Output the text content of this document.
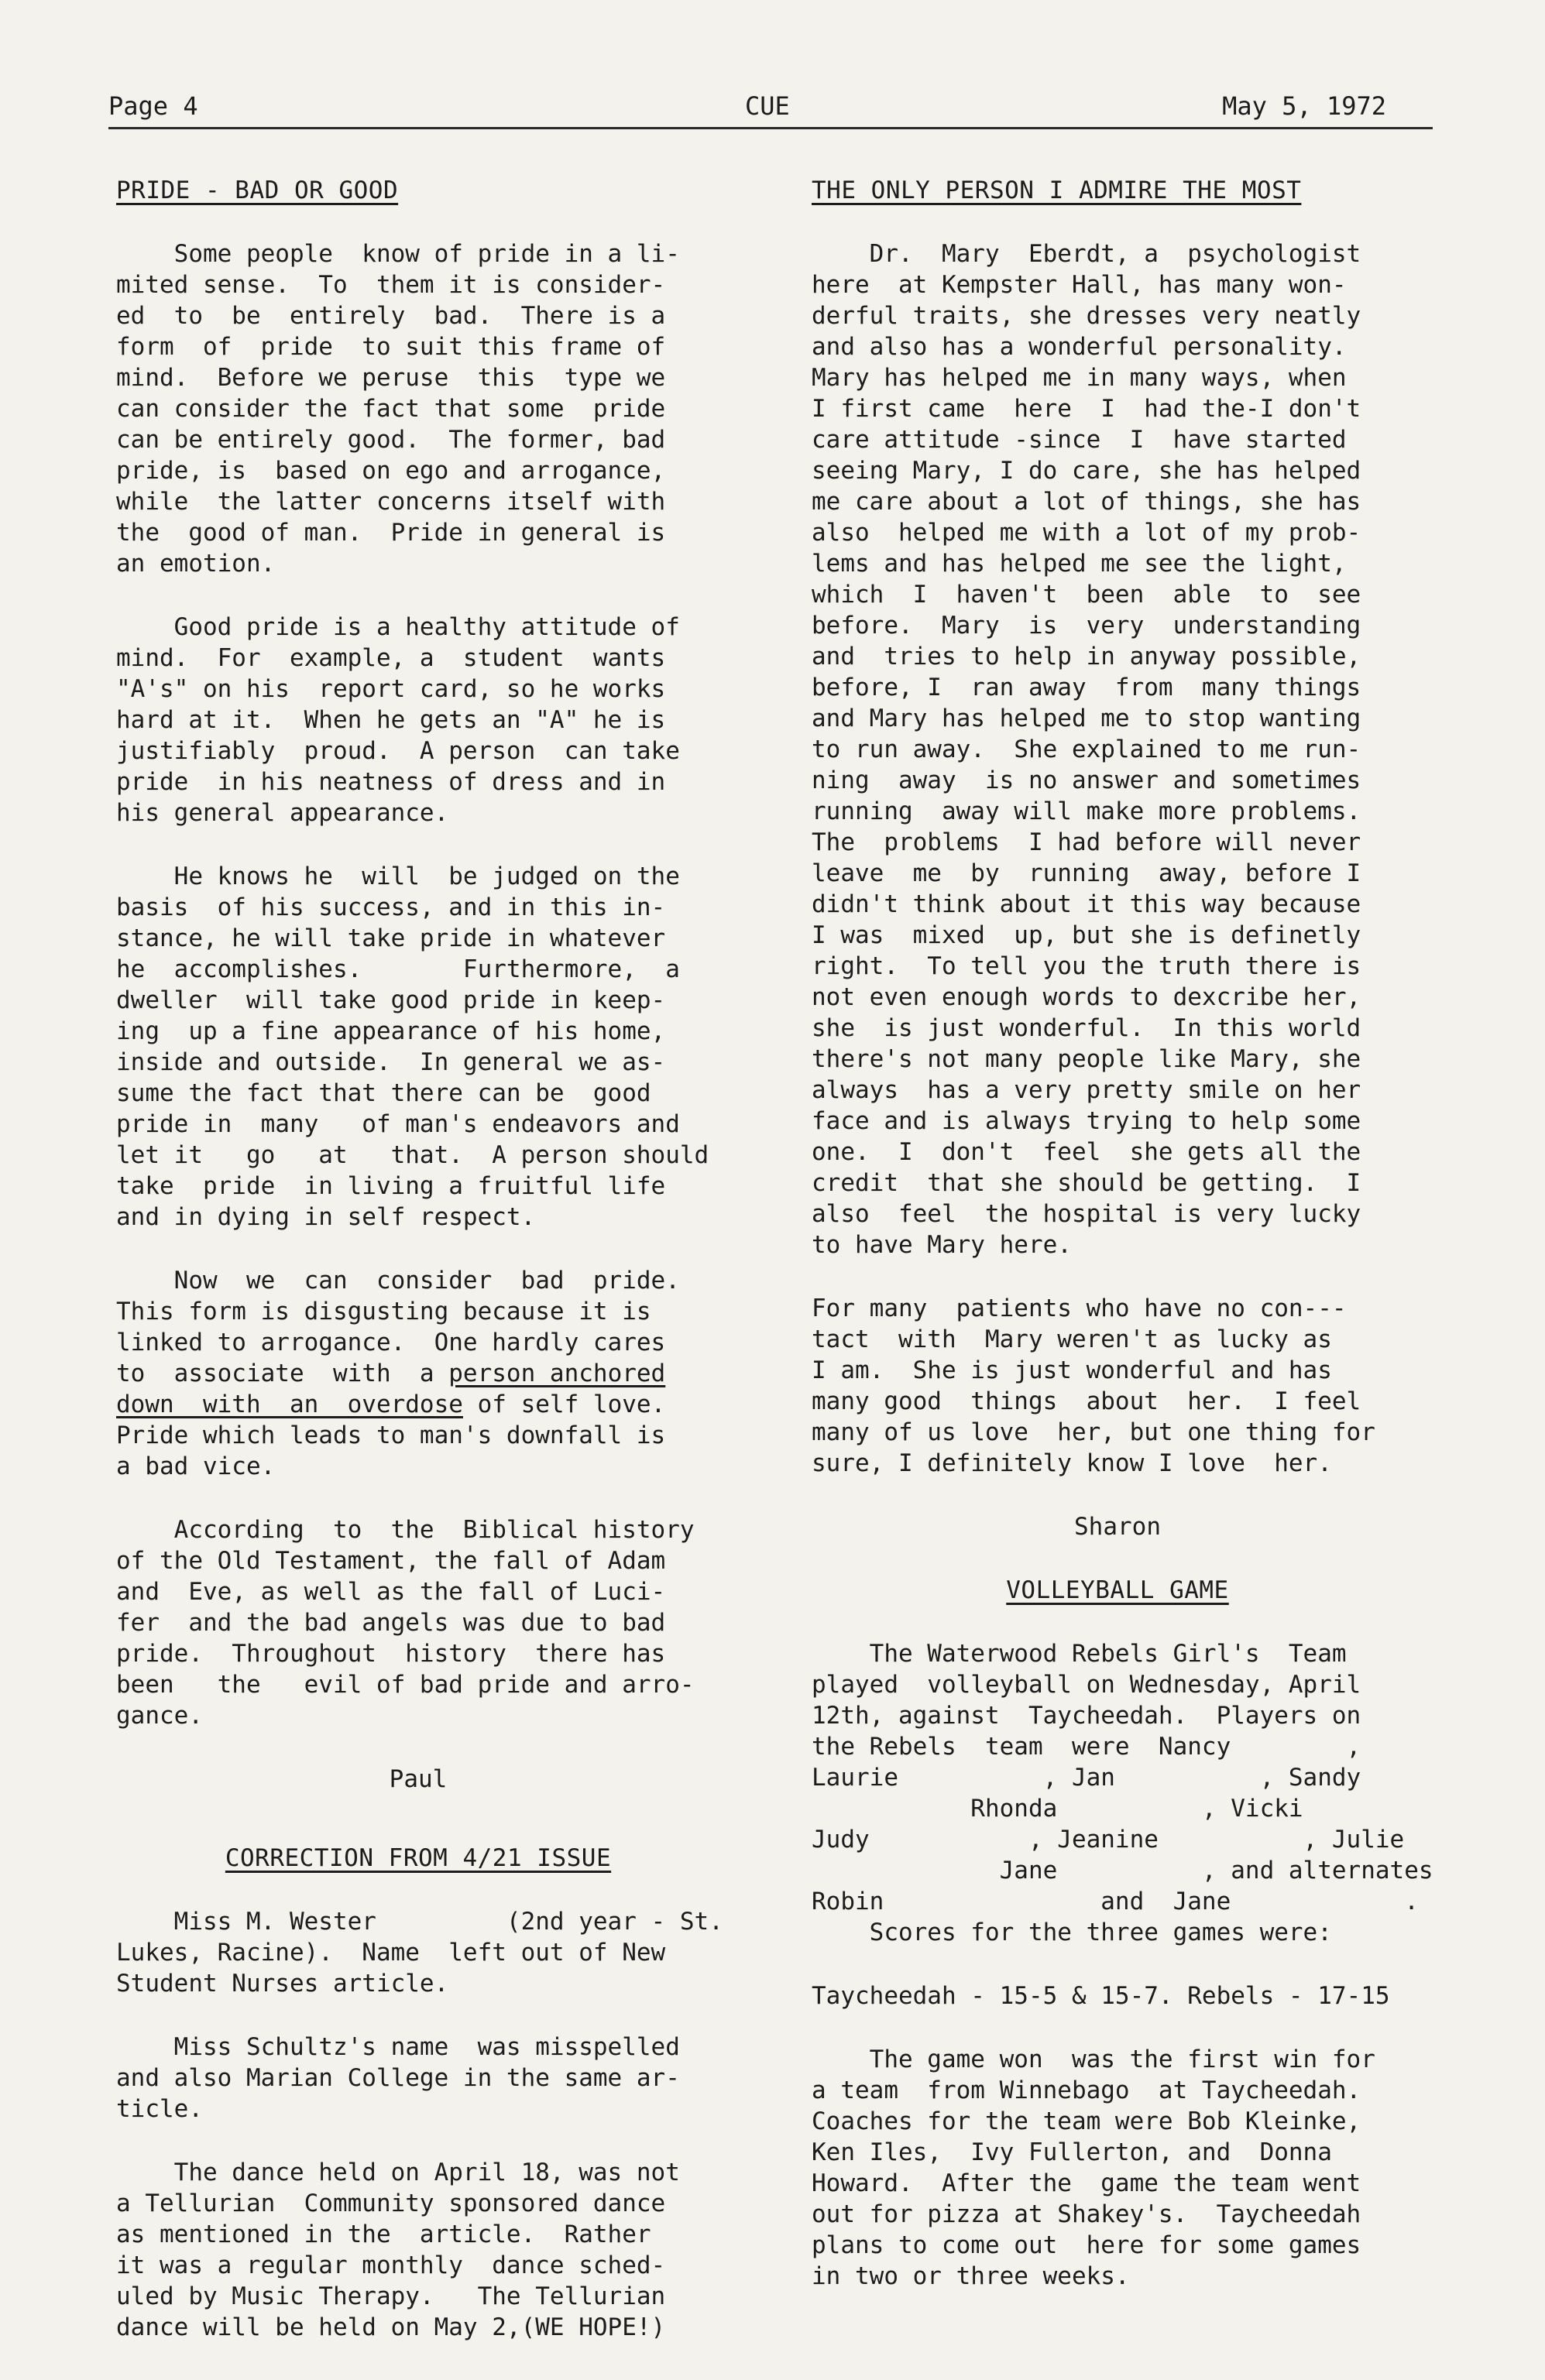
Page 4	CUE	May 5, 1972
PRIDE - BAD OR GOOD

Some people  know of pride in a li-
mited sense.  To  them it is consider-
ed  to  be  entirely  bad.  There is a
form  of  pride  to suit this frame of
mind.  Before we peruse  this  type we
can consider the fact that some  pride
can be entirely good.  The former, bad
pride, is  based on ego and arrogance,
while  the latter concerns itself with
the  good of man.  Pride in general is
an emotion.

Good pride is a healthy attitude of
mind.  For  example, a  student  wants
"A's" on his  report card, so he works
hard at it.  When he gets an "A" he is
justifiably  proud.  A person  can take
pride  in his neatness of dress and in
his general appearance.

He knows he  will  be judged on the
basis  of his success, and in this in-
stance, he will take pride in whatever
he  accomplishes.       Furthermore,  a
dweller  will take good pride in keep-
ing  up a fine appearance of his home,
inside and outside.  In general we as-
sume the fact that there can be  good
pride in  many   of man's endeavors and
let it   go   at   that.  A person should
take  pride  in living a fruitful life
and in dying in self respect.

Now  we  can  consider  bad  pride.
This form is disgusting because it is
linked to arrogance.  One hardly cares
to  associate  with  a person anchored
down  with  an  overdose of self love.
Pride which leads to man's downfall is
a bad vice.

According  to  the  Biblical history
of the Old Testament, the fall of Adam
and  Eve, as well as the fall of Luci-
fer  and the bad angels was due to bad
pride.  Throughout  history  there has
been   the   evil of bad pride and arro-
gance.

Paul
CORRECTION FROM 4/21 ISSUE

Miss M. Wester         (2nd year - St.
Lukes, Racine).  Name  left out of New
Student Nurses article.

Miss Schultz's name  was misspelled
and also Marian College in the same ar-
ticle.

The dance held on April 18, was not
a Tellurian  Community sponsored dance
as mentioned in the  article.  Rather
it was a regular monthly  dance sched-
uled by Music Therapy.   The Tellurian
dance will be held on May 2,(WE HOPE!)

THE ONLY PERSON I ADMIRE THE MOST

Dr.  Mary  Eberdt, a  psychologist
here  at Kempster Hall, has many won-
derful traits, she dresses very neatly
and also has a wonderful personality.
Mary has helped me in many ways, when
I first came  here  I  had the-I don't
care attitude -since  I  have started
seeing Mary, I do care, she has helped
me care about a lot of things, she has
also  helped me with a lot of my prob-
lems and has helped me see the light,
which  I  haven't  been  able  to  see
before.  Mary  is  very  understanding
and  tries to help in anyway possible,
before, I  ran away  from  many things
and Mary has helped me to stop wanting
to run away.  She explained to me run-
ning  away  is no answer and sometimes
running  away will make more problems.
The  problems  I had before will never
leave  me  by  running  away, before I
didn't think about it this way because
I was  mixed  up, but she is definetly
right.  To tell you the truth there is
not even enough words to dexcribe her,
she  is just wonderful.  In this world
there's not many people like Mary, she
always  has a very pretty smile on her
face and is always trying to help some
one.  I  don't  feel  she gets all the
credit  that she should be getting.  I
also  feel  the hospital is very lucky
to have Mary here.

For many  patients who have no con---
tact  with  Mary weren't as lucky as
I am.  She is just wonderful and has
many good  things  about  her.  I feel
many of us love  her, but one thing for
sure, I definitely know I love  her.

Sharon
VOLLEYBALL GAME

The Waterwood Rebels Girl's  Team
played  volleyball on Wednesday, April
12th, against  Taycheedah.  Players on
the Rebels  team  were  Nancy        ,
Laurie          , Jan          , Sandy
Rhonda          , Vicki
Judy           , Jeanine          , Julie
Jane          , and alternates
Robin               and  Jane            .
Scores for the three games were:

Taycheedah - 15-5 & 15-7. Rebels - 17-15

The game won  was the first win for
a team  from Winnebago  at Taycheedah.
Coaches for the team were Bob Kleinke,
Ken Iles,  Ivy Fullerton, and  Donna
Howard.  After the  game the team went
out for pizza at Shakey's.  Taycheedah
plans to come out  here for some games
in two or three weeks.
